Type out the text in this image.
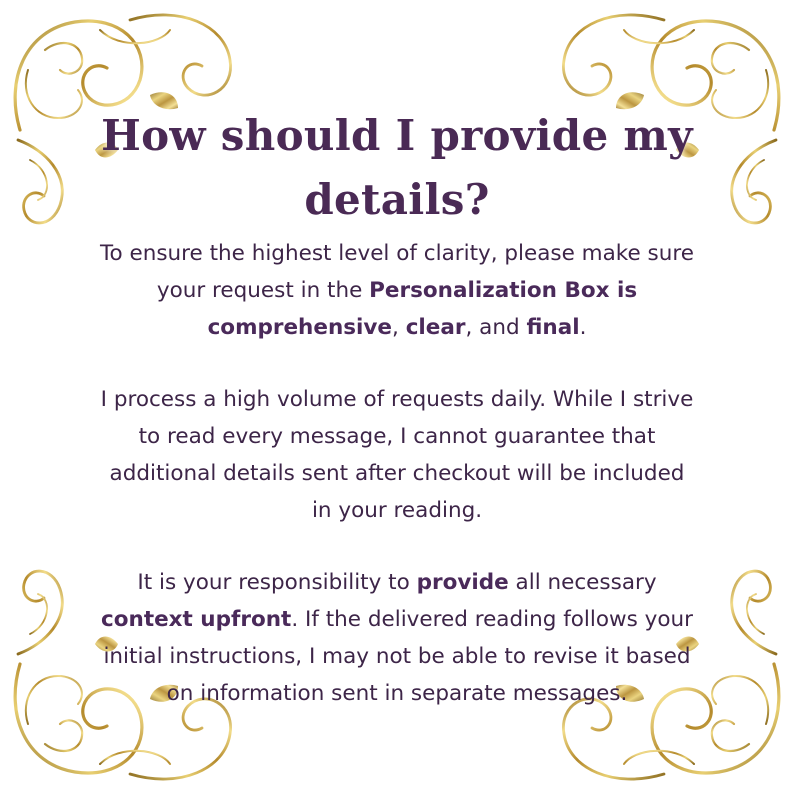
How should I provide my details?

To ensure the highest level of clarity, please make sure your request in the Personalization Box is comprehensive, clear, and final.

I process a high volume of requests daily. While I strive to read every message, I cannot guarantee that additional details sent after checkout will be included in your reading.

It is your responsibility to provide all necessary context upfront. If the delivered reading follows your initial instructions, I may not be able to revise it based on information sent in separate messages.
